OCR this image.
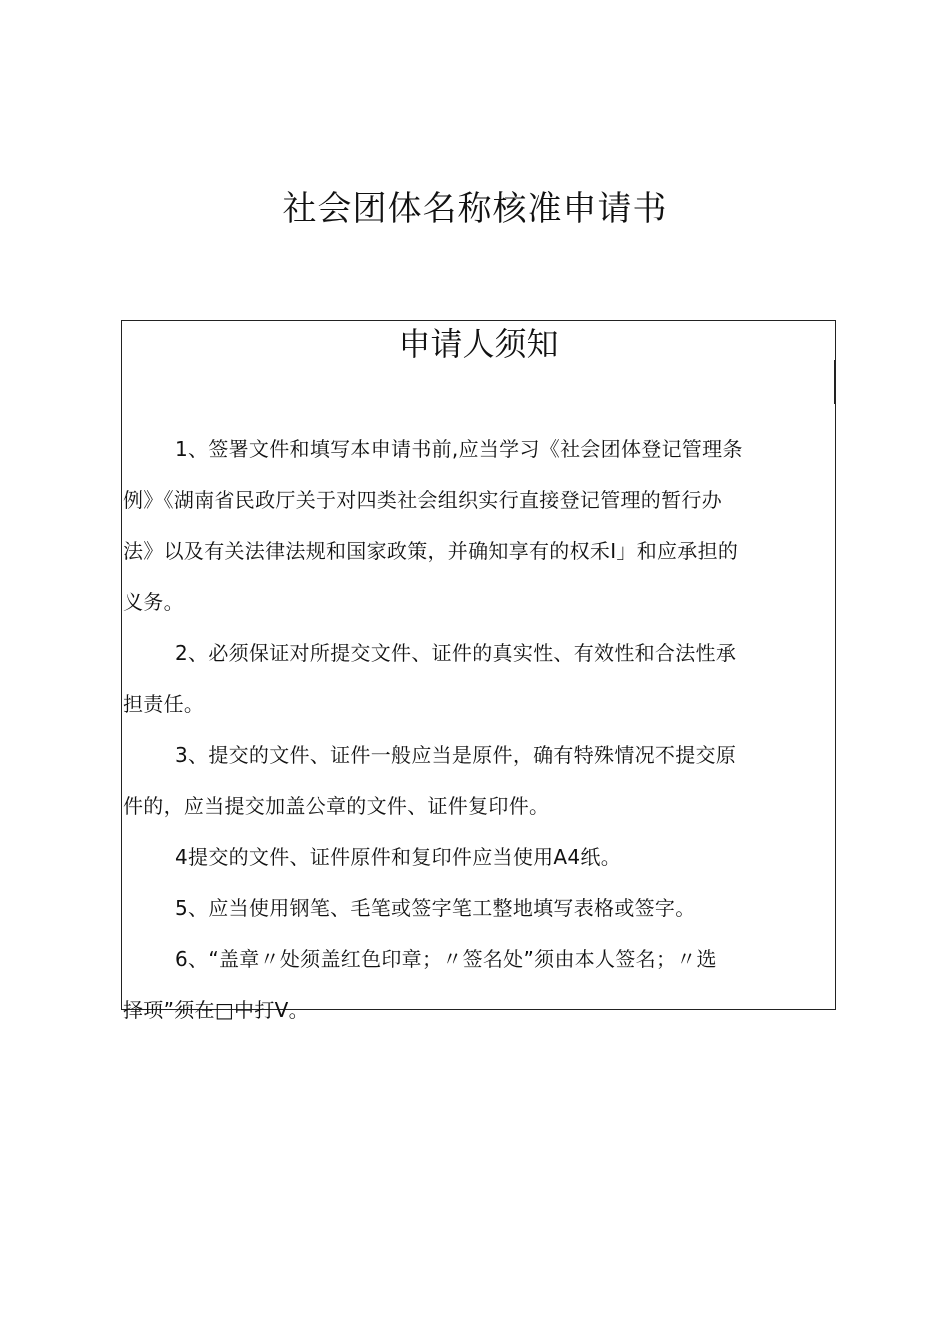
社会团体名称核准申请书
申请人须知

1、签署文件和填写本申请书前,应当学习《社会团体登记管理条
例》《湖南省民政厅关于对四类社会组织实行直接登记管理的暂行办
法》以及有关法律法规和国家政策，并确知享有的权禾I」和应承担的
义务。

2、必须保证对所提交文件、证件的真实性、有效性和合法性承
担责任。

3、提交的文件、证件一般应当是原件，确有特殊情况不提交原
件的，应当提交加盖公章的文件、证件复印件。

4提交的文件、证件原件和复印件应当使用A4纸。

5、应当使用钢笔、毛笔或签字笔工整地填写表格或签字。

6、“盖章〃处须盖红色印章；〃签名处”须由本人签名；〃选
择项”须在□中打V。
